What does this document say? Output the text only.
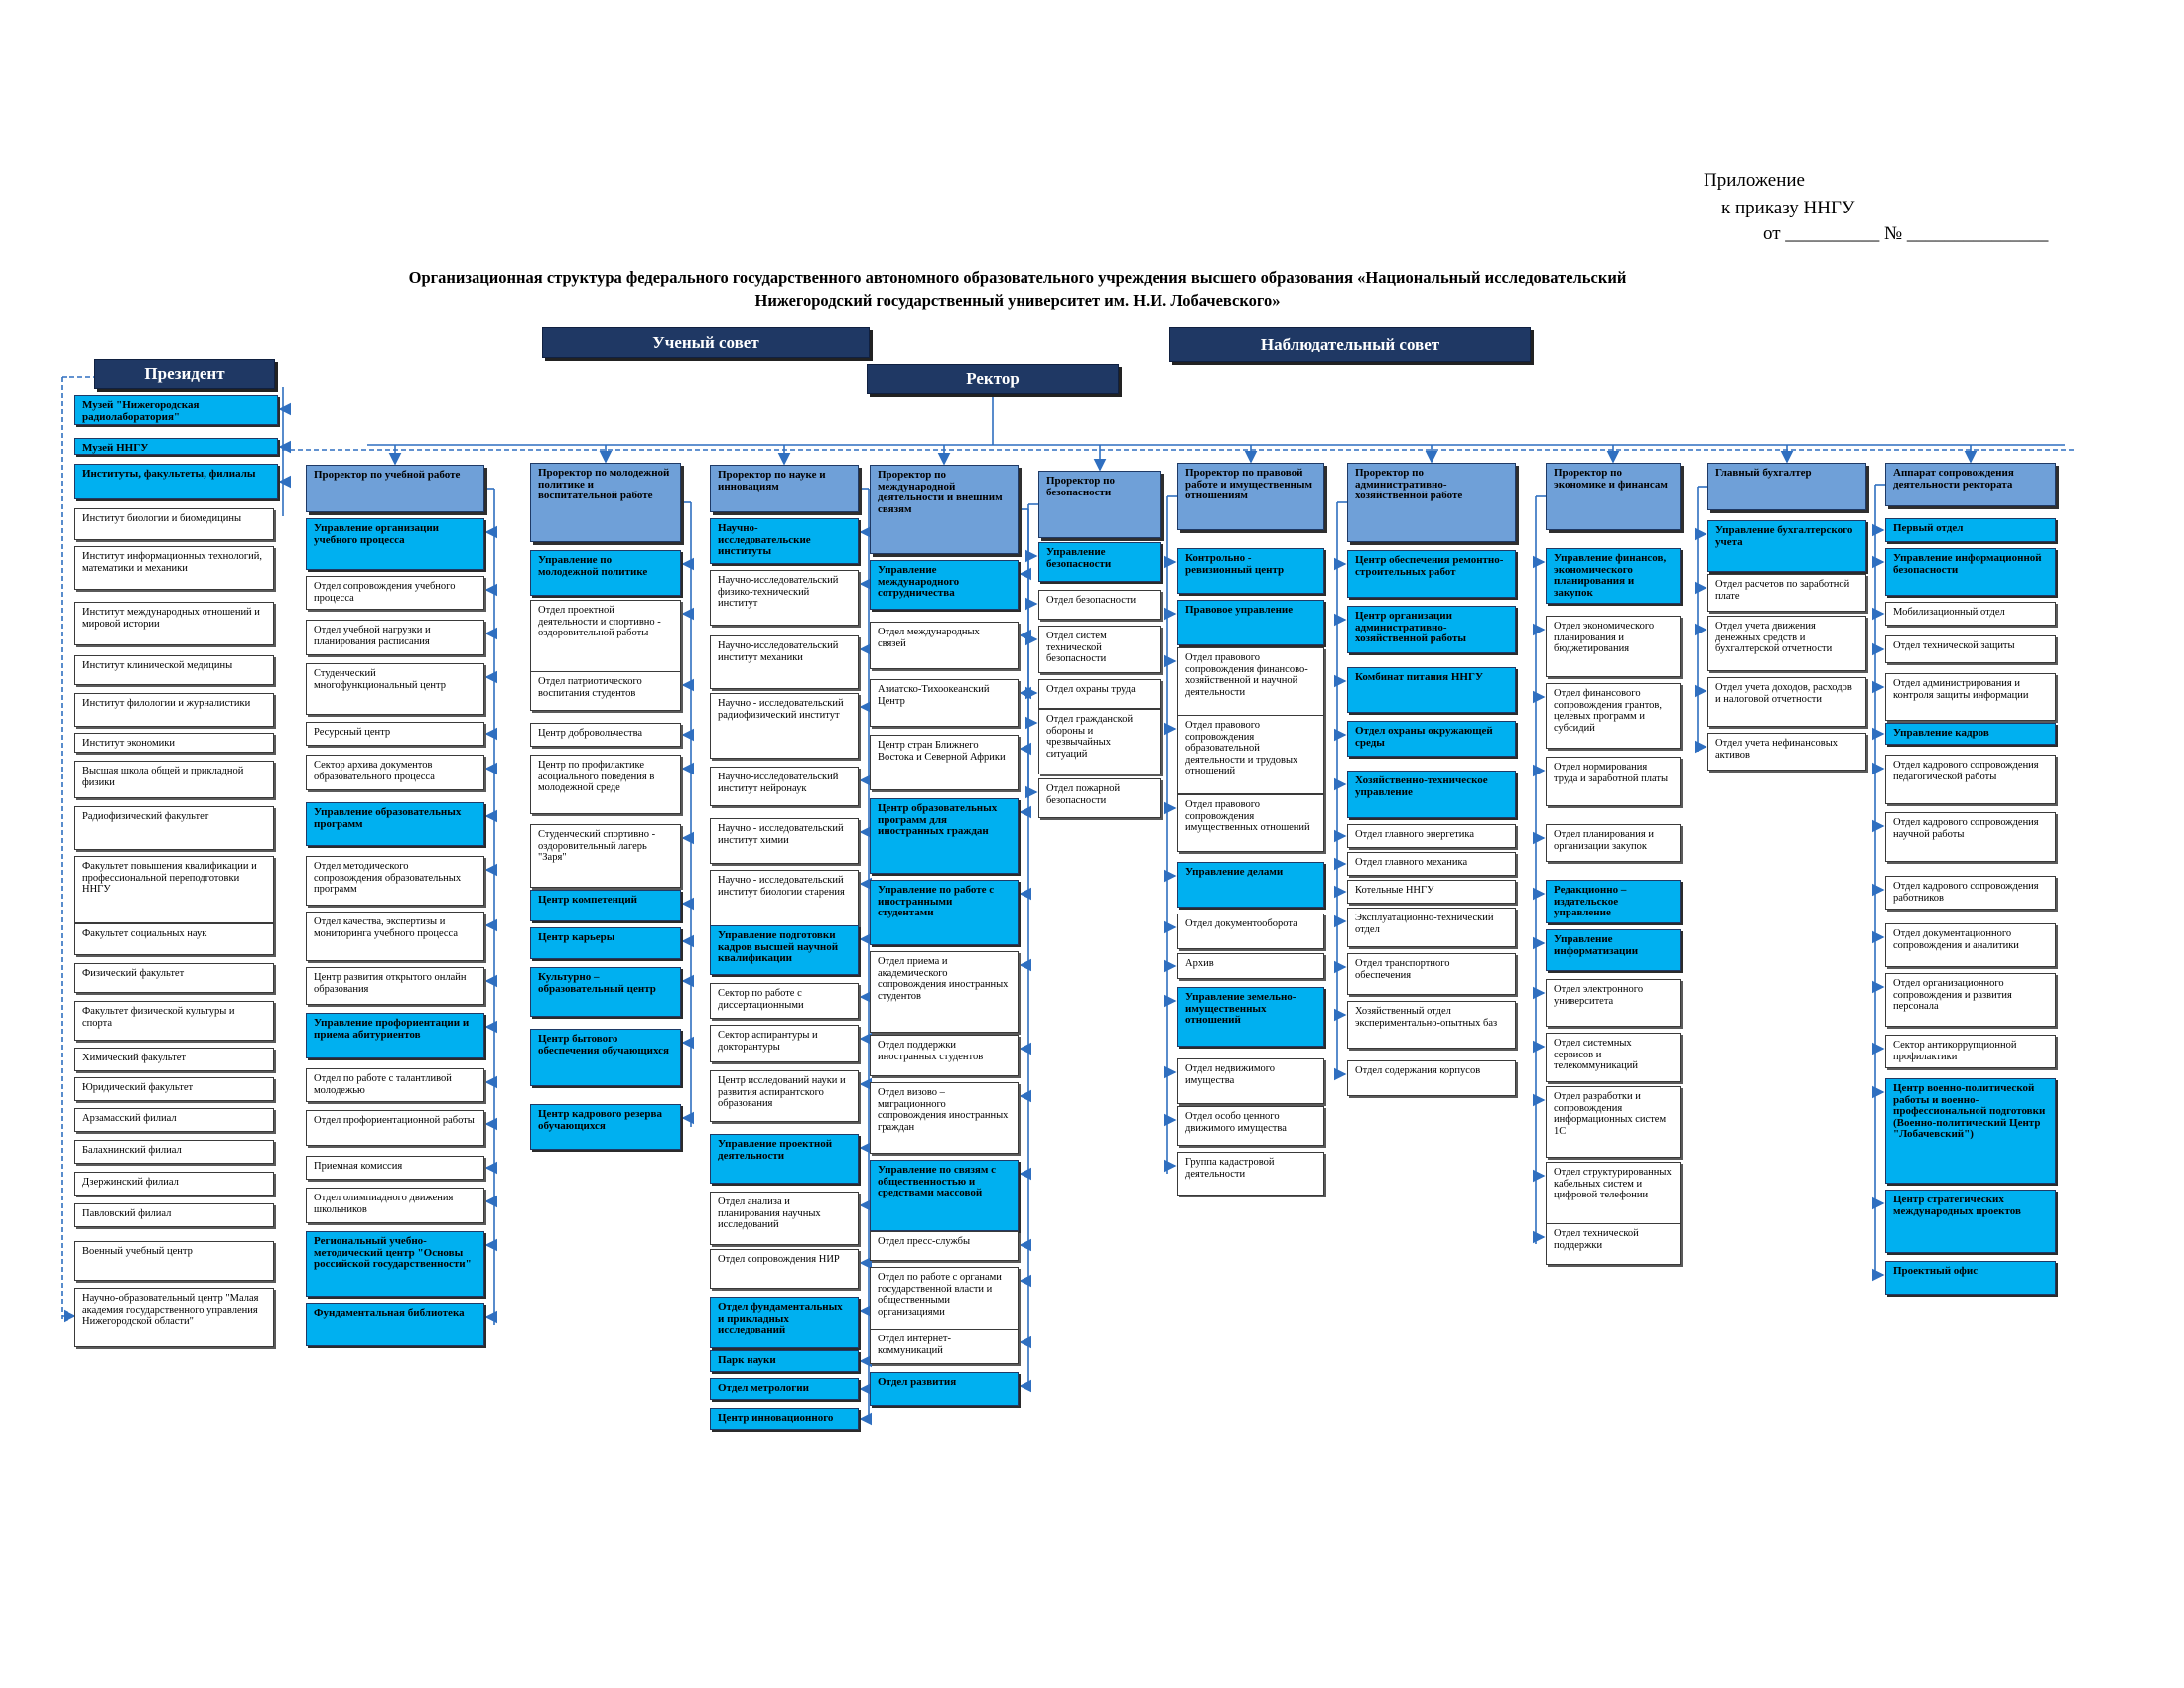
Приложение
к приказу ННГУ
от __________ № _______________
Организационная структура федерального государственного автономного образовательного учреждения высшего образования «Национальный исследовательский Нижегородский государственный университет им. Н.И. Лобачевского»
Ученый совет	Наблюдательный совет
Президент	Ректор
Музей "Нижегородская радиолаборатория"
Музей ННГУ
Институты, факультеты, филиалы
Институт биологии и биомедицины
Институт информационных технологий, математики и механики
Институт международных отношений и мировой истории
Институт клинической медицины
Институт филологии и журналистики
Институт экономики
Высшая школа общей и прикладной физики
Радиофизический факультет
Факультет повышения квалификации и профессиональной переподготовки ННГУ
Факультет социальных наук
Физический факультет
Факультет физической культуры и спорта
Химический факультет
Юридический факультет
Арзамасский филиал
Балахнинский филиал
Дзержинский филиал
Павловский филиал
Военный учебный центр
Научно-образовательный центр "Малая академия государственного управления Нижегородской области"
Проректор по учебной работе
Управление организации учебного процесса
Отдел сопровождения учебного процесса
Отдел учебной нагрузки и планирования расписания
Студенческий многофункциональный центр
Ресурсный центр
Сектор архива документов образовательного процесса
Управление образовательных программ
Отдел методического сопровождения образовательных программ
Отдел качества, экспертизы и мониторинга учебного процесса
Центр развития открытого онлайн образования
Управление профориентации и приема абитуриентов
Отдел по работе с талантливой молодежью
Отдел профориентационной работы
Приемная комиссия
Отдел олимпиадного движения школьников
Региональный учебно-методический центр "Основы российской государственности"
Фундаментальная библиотека
Проректор по молодежной политике и воспитательной работе
Управление по молодежной политике
Отдел проектной деятельности и спортивно - оздоровительной работы
Отдел патриотического воспитания студентов
Центр добровольчества
Центр по профилактике асоциального поведения в молодежной среде
Студенческий спортивно - оздоровительный лагерь "Заря"
Центр компетенций
Центр карьеры
Культурно – образовательный центр
Центр бытового обеспечения обучающихся
Центр кадрового резерва обучающихся
Проректор по науке и инновациям
Научно-исследовательские институты
Научно-исследовательский физико-технический институт
Научно-исследовательский институт механики
Научно - исследовательский радиофизический институт
Научно-исследовательский институт нейронаук
Научно - исследовательский институт химии
Научно - исследовательский институт биологии старения
Управление подготовки кадров высшей научной квалификации
Сектор по работе с диссертационными
Сектор аспирантуры и докторантуры
Центр исследований науки и развития аспирантского образования
Управление проектной деятельности
Отдел анализа и планирования научных исследований
Отдел сопровождения НИР
Отдел фундаментальных и прикладных исследований
Парк науки
Отдел метрологии
Центр инновационного
Проректор по международной деятельности и внешним связям
Управление международного сотрудничества
Отдел международных связей
Азиатско-Тихоокеанский Центр
Центр стран Ближнего Востока и Северной Африки
Центр образовательных программ для иностранных граждан
Управление по работе с иностранными студентами
Отдел приема и академического сопровождения иностранных студентов
Отдел поддержки иностранных студентов
Отдел визово – миграционного сопровождения иностранных граждан
Управление по связям с общественностью и средствами массовой
Отдел пресс-службы
Отдел по работе с органами государственной власти и общественными организациями
Отдел интернет-коммуникаций
Отдел развития
Проректор по безопасности
Управление безопасности
Отдел безопасности
Отдел систем технической безопасности
Отдел охраны труда
Отдел гражданской обороны и чрезвычайных ситуаций
Отдел пожарной безопасности
Проректор по правовой работе и имущественным отношениям
Контрольно - ревизионный центр
Правовое управление
Отдел правового сопровождения финансово-хозяйственной и научной деятельности
Отдел правового сопровождения образовательной деятельности и трудовых отношений
Отдел правового сопровождения имущественных отношений
Управление делами
Отдел документооборота
Архив
Управление земельно-имущественных отношений
Отдел недвижимого имущества
Отдел особо ценного движимого имущества
Группа кадастровой деятельности
Проректор по административно-хозяйственной работе
Центр обеспечения ремонтно-строительных работ
Центр организации административно-хозяйственной работы
Комбинат питания ННГУ
Отдел охраны окружающей среды
Хозяйственно-техническое управление
Отдел главного энергетика
Отдел главного механика
Котельные ННГУ
Эксплуатационно-технический отдел
Отдел транспортного обеспечения
Хозяйственный отдел экспериментально-опытных баз
Отдел содержания корпусов
Проректор по экономике и финансам
Управление финансов, экономического планирования и закупок
Отдел экономического планирования и бюджетирования
Отдел финансового сопровождения грантов, целевых программ и субсидий
Отдел нормирования труда и заработной платы
Отдел планирования и организации закупок
Редакционно – издательское управление
Управление информатизации
Отдел электронного университета
Отдел системных сервисов и телекоммуникаций
Отдел разработки и сопровождения информационных систем 1С
Отдел структурированных кабельных систем и цифровой телефонии
Отдел технической поддержки
Главный бухгалтер
Управление бухгалтерского учета
Отдел расчетов по заработной плате
Отдел учета движения денежных средств и бухгалтерской отчетности
Отдел учета доходов, расходов и налоговой отчетности
Отдел учета нефинансовых активов
Аппарат сопровождения деятельности ректората
Первый отдел
Управление информационной безопасности
Мобилизационный отдел
Отдел технической защиты
Отдел администрирования и контроля защиты информации
Управление кадров
Отдел кадрового сопровождения педагогической работы
Отдел кадрового сопровождения научной работы
Отдел кадрового сопровождения работников
Отдел документационного сопровождения и аналитики
Отдел организационного сопровождения и развития персонала
Сектор антикоррупционной профилактики
Центр военно-политической работы и военно-профессиональной подготовки (Военно-политический Центр "Лобачевский")
Центр стратегических международных проектов
Проектный офис
